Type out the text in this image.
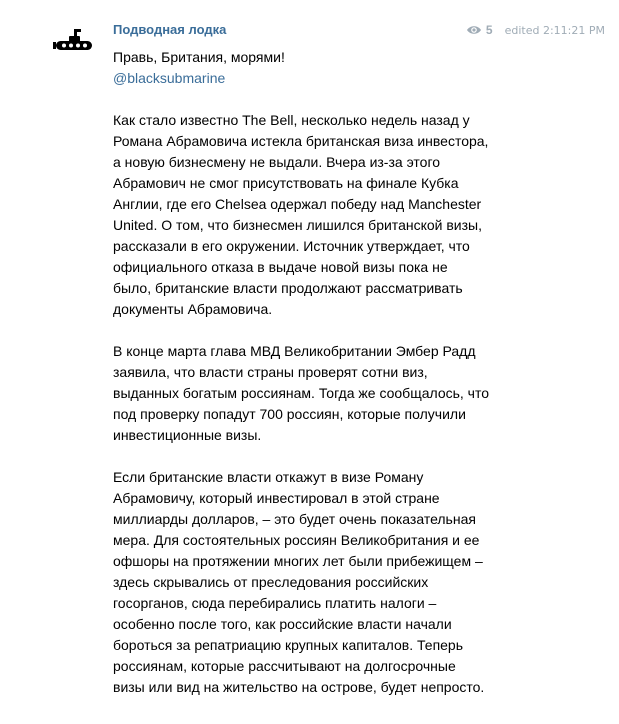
Подводная лодка	5 edited 2:11:21 PM
Правь, Британия, морями!
@blacksubmarine
Как стало известно The Bell, несколько недель назад у
Романа Абрамовича истекла британская виза инвестора,
а новую бизнесмену не выдали. Вчера из-за этого
Абрамович не смог присутствовать на финале Кубка
Англии, где его Chelsea одержал победу над Manchester
United. О том, что бизнесмен лишился британской визы,
рассказали в его окружении. Источник утверждает, что
официального отказа в выдаче новой визы пока не
было, британские власти продолжают рассматривать
документы Абрамовича.
В конце марта глава МВД Великобритании Эмбер Радд
заявила, что власти страны проверят сотни виз,
выданных богатым россиянам. Тогда же сообщалось, что
под проверку попадут 700 россиян, которые получили
инвестиционные визы.
Если британские власти откажут в визе Роману
Абрамовичу, который инвестировал в этой стране
миллиарды долларов, – это будет очень показательная
мера. Для состоятельных россиян Великобритания и ее
офшоры на протяжении многих лет были прибежищем –
здесь скрывались от преследования российских
госорганов, сюда перебирались платить налоги –
особенно после того, как российские власти начали
бороться за репатриацию крупных капиталов. Теперь
россиянам, которые рассчитывают на долгосрочные
визы или вид на жительство на острове, будет непросто.
